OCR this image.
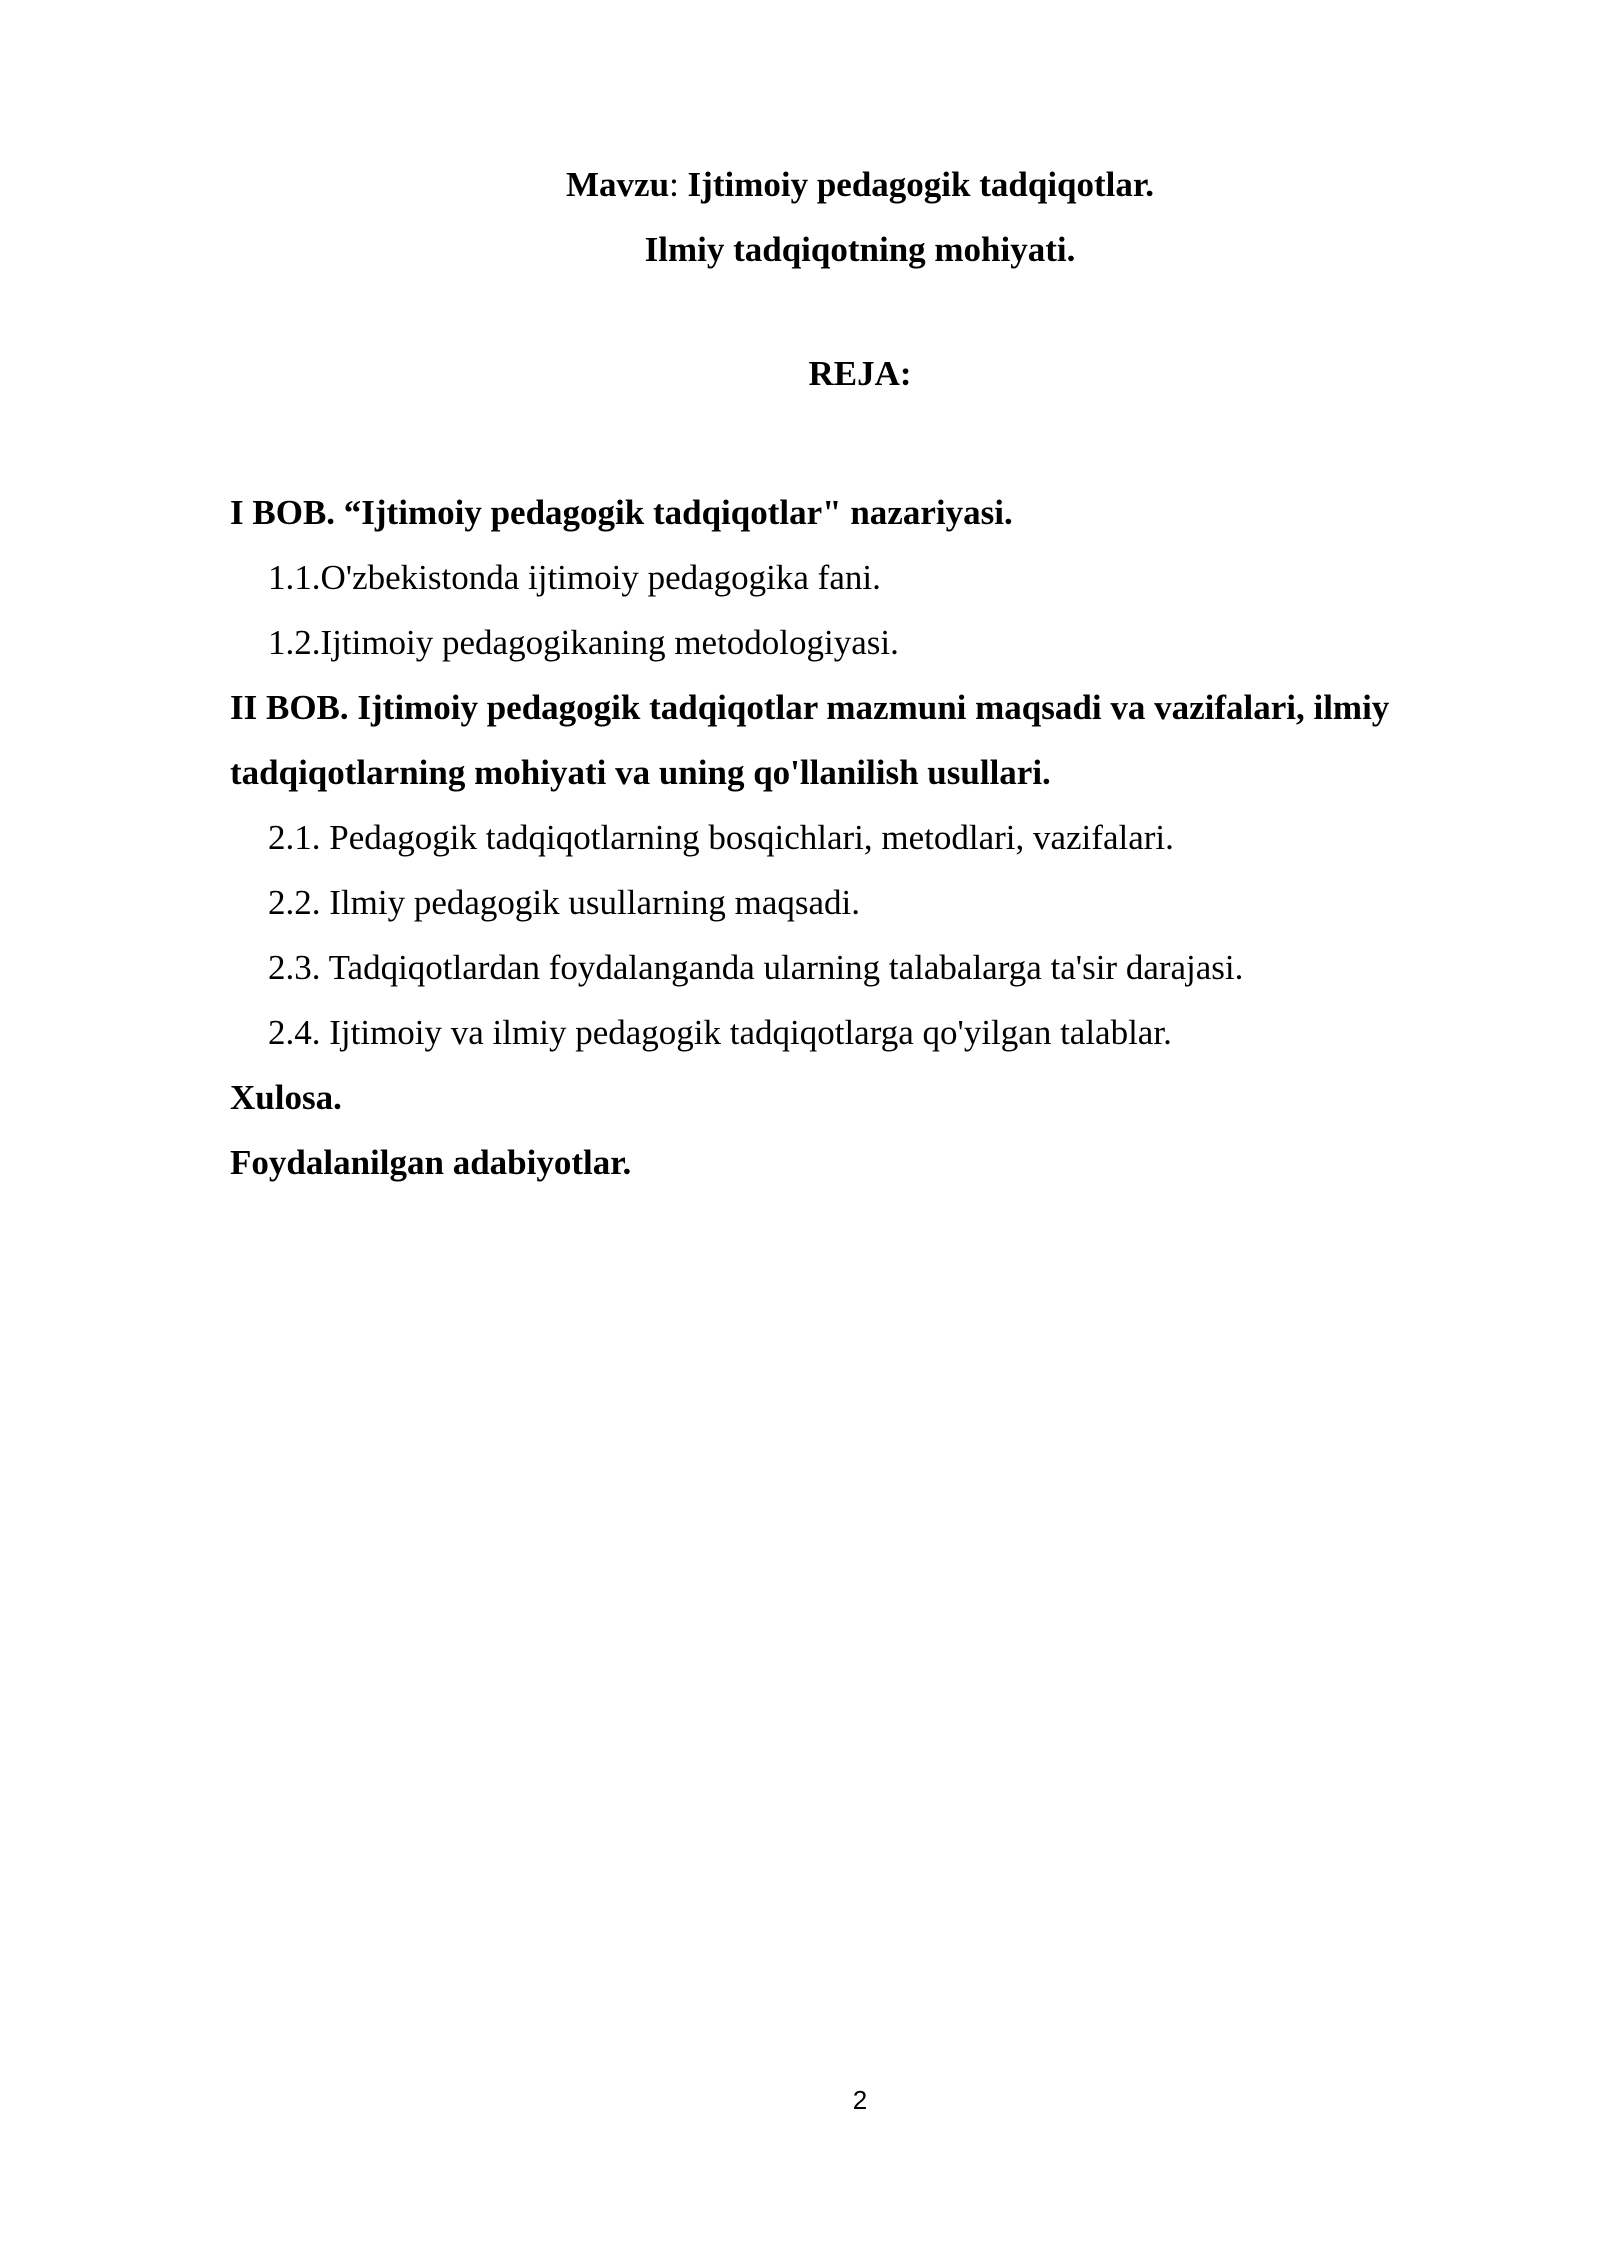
Mavzu: Ijtimoiy pedagogik tadqiqotlar.
Ilmiy tadqiqotning mohiyati.
REJA:

I BOB. “Ijtimoiy pedagogik tadqiqotlar" nazariyasi.

1.1.O'zbekistonda ijtimoiy pedagogika fani.

1.2.Ijtimoiy pedagogikaning metodologiyasi.

II BOB. Ijtimoiy pedagogik tadqiqotlar mazmuni maqsadi va vazifalari, ilmiy

tadqiqotlarning mohiyati va uning qo'llanilish usullari.

2.1. Pedagogik tadqiqotlarning bosqichlari, metodlari, vazifalari.

2.2. Ilmiy pedagogik usullarning maqsadi.

2.3. Tadqiqotlardan foydalanganda ularning talabalarga ta'sir darajasi.

2.4. Ijtimoiy va ilmiy pedagogik tadqiqotlarga qo'yilgan talablar.

Xulosa.

Foydalanilgan adabiyotlar.

2
